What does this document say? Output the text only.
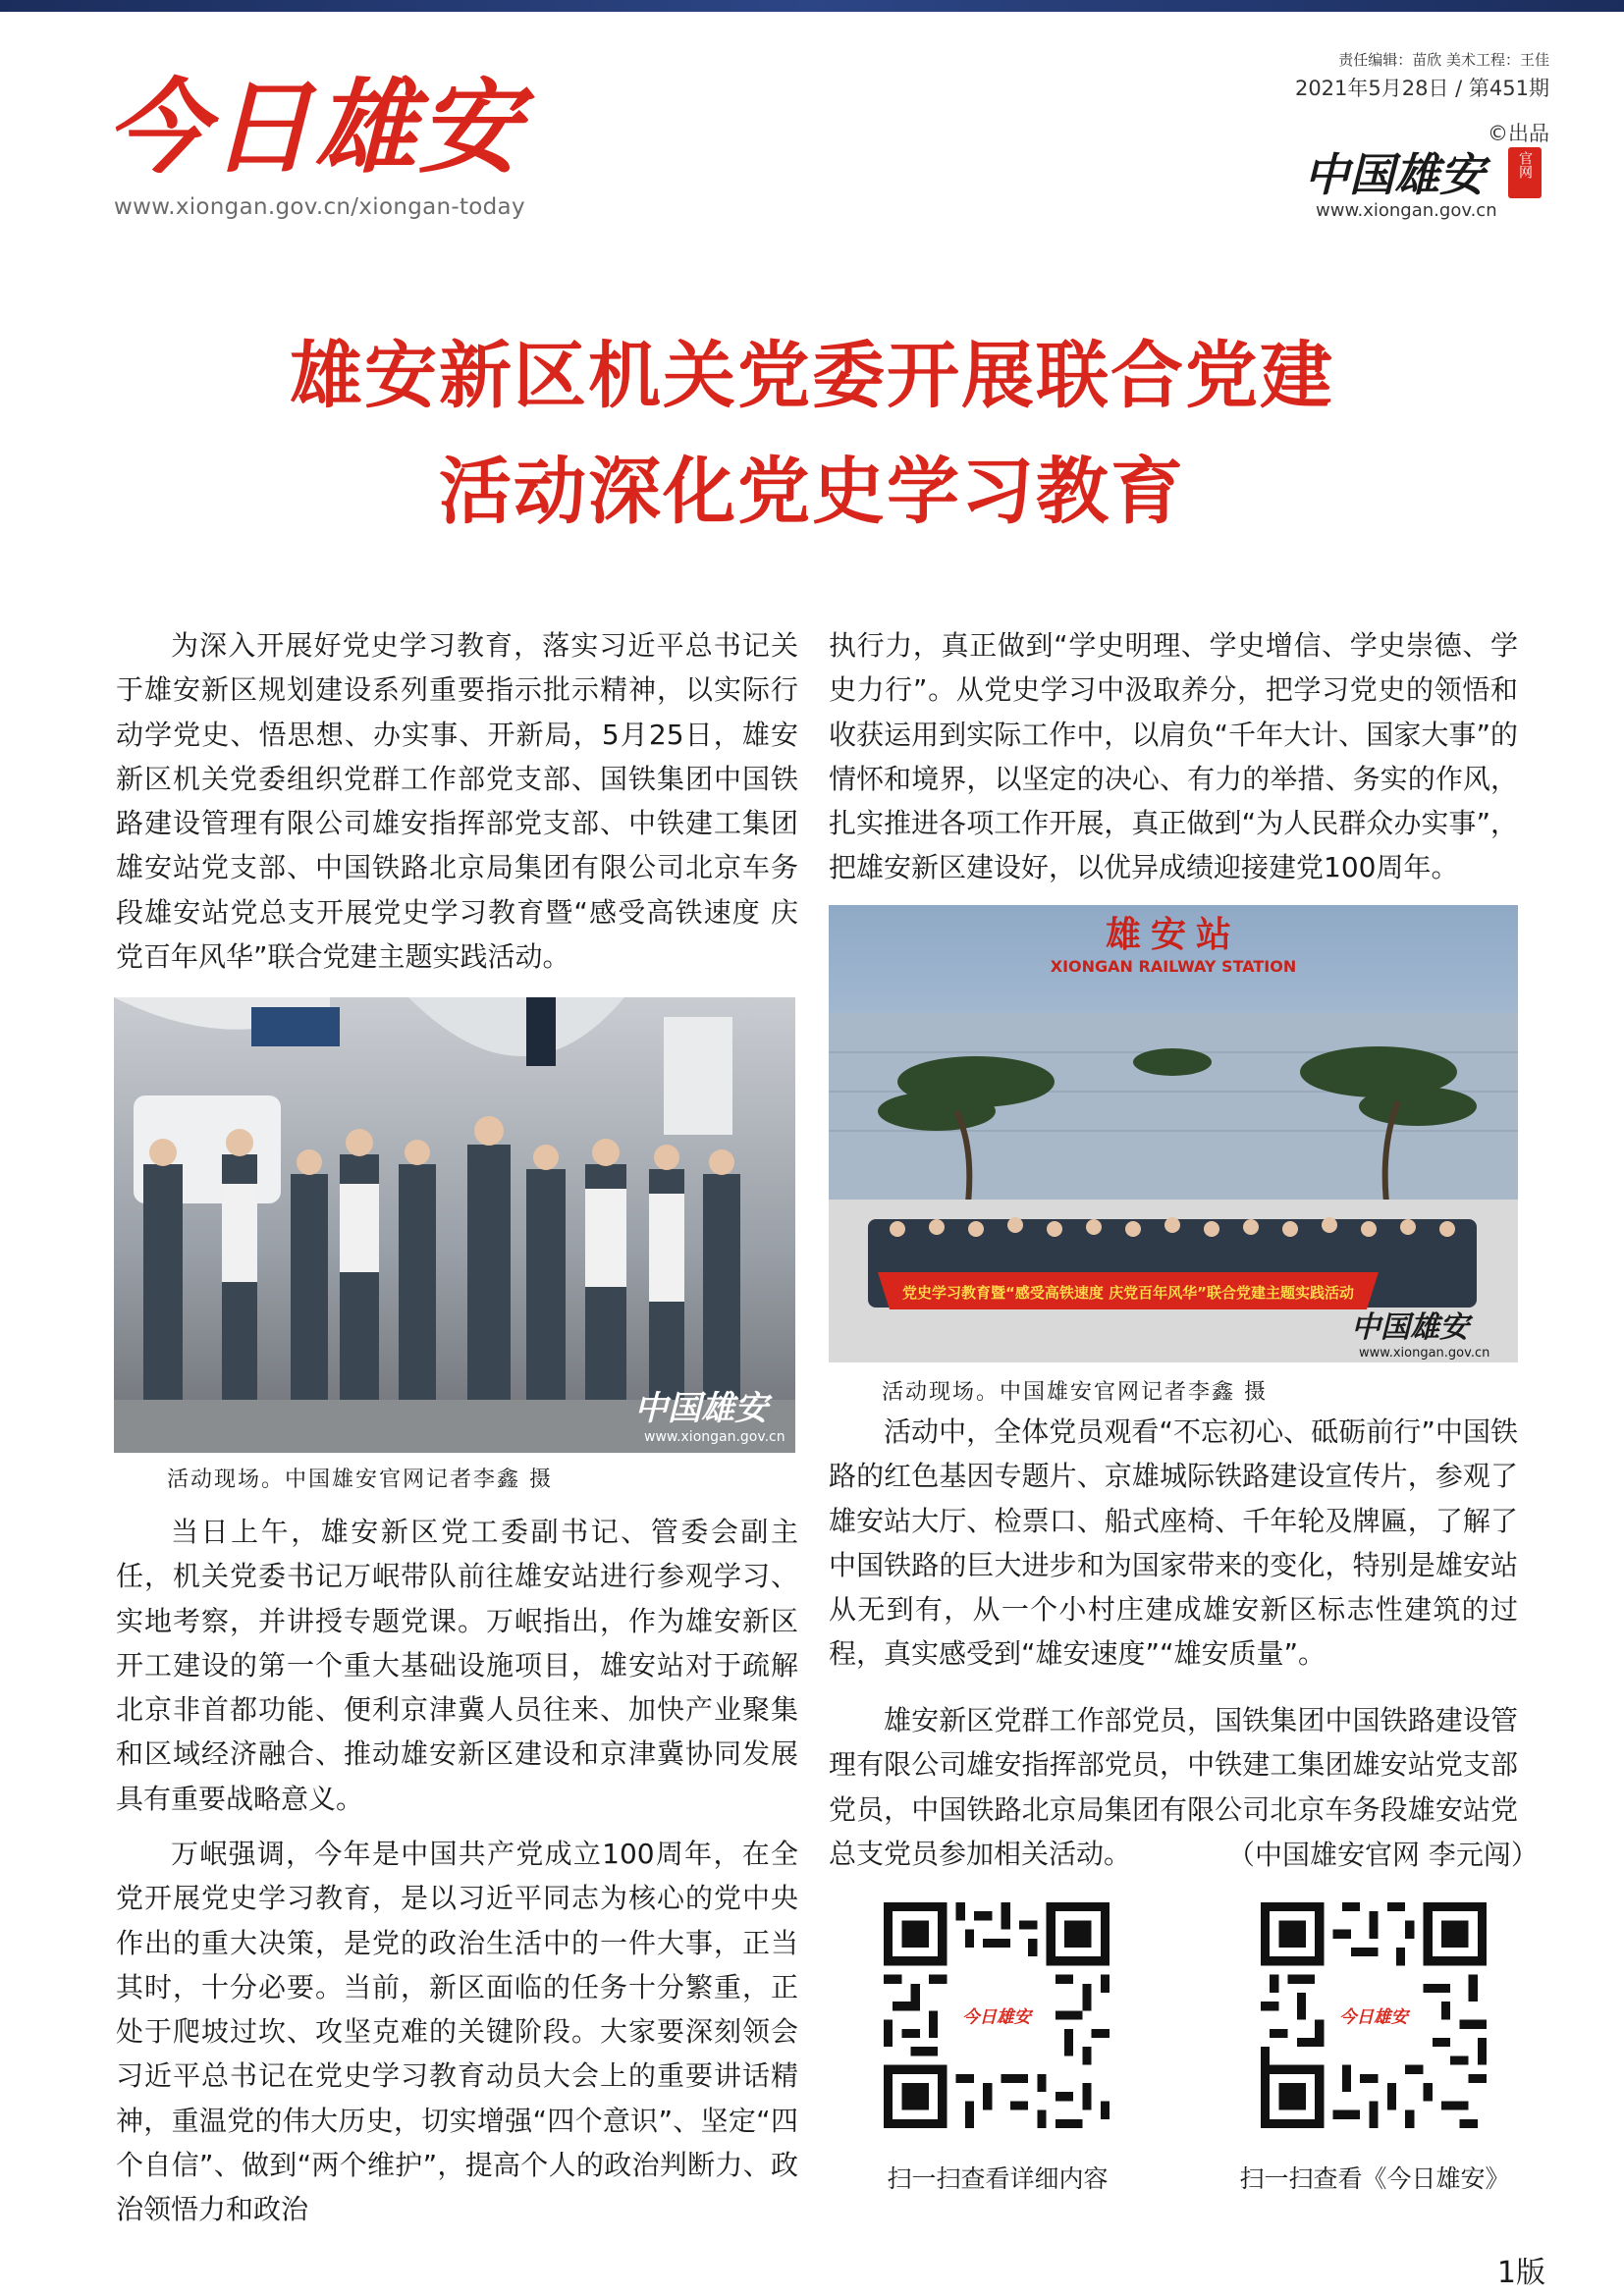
今日雄安
www.xiongan.gov.cn/xiongan-today
责任编辑：苗欣 美术工程：王佳
2021年5月28日 / 第451期
©出品
中国雄安	官网
www.xiongan.gov.cn
雄安新区机关党委开展联合党建
活动深化党史学习教育

为深入开展好党史学习教育，落实习近平总书记关于雄安新区规划建设系列重要指示批示精神，以实际行动学党史、悟思想、办实事、开新局，5月25日，雄安新区机关党委组织党群工作部党支部、国铁集团中国铁路建设管理有限公司雄安指挥部党支部、中铁建工集团雄安站党支部、中国铁路北京局集团有限公司北京车务段雄安站党总支开展党史学习教育暨“感受高铁速度 庆党百年风华”联合党建主题实践活动。

中国雄安
www.xiongan.gov.cn
活动现场。中国雄安官网记者李鑫 摄

当日上午，雄安新区党工委副书记、管委会副主任，机关党委书记万岷带队前往雄安站进行参观学习、实地考察，并讲授专题党课。万岷指出，作为雄安新区开工建设的第一个重大基础设施项目，雄安站对于疏解北京非首都功能、便利京津冀人员往来、加快产业聚集和区域经济融合、推动雄安新区建设和京津冀协同发展具有重要战略意义。

万岷强调，今年是中国共产党成立100周年，在全党开展党史学习教育，是以习近平同志为核心的党中央作出的重大决策，是党的政治生活中的一件大事，正当其时，十分必要。当前，新区面临的任务十分繁重，正处于爬坡过坎、攻坚克难的关键阶段。大家要深刻领会习近平总书记在党史学习教育动员大会上的重要讲话精神，重温党的伟大历史，切实增强“四个意识”、坚定“四个自信”、做到“两个维护”，提高个人的政治判断力、政治领悟力和政治

执行力，真正做到“学史明理、学史增信、学史崇德、学史力行”。从党史学习中汲取养分，把学习党史的领悟和收获运用到实际工作中，以肩负“千年大计、国家大事”的情怀和境界，以坚定的决心、有力的举措、务实的作风，扎实推进各项工作开展，真正做到“为人民群众办实事”，把雄安新区建设好，以优异成绩迎接建党100周年。

雄安站
XIONGAN RAILWAY STATION
党史学习教育暨“感受高铁速度 庆党百年风华”联合党建主题实践活动
中国雄安
www.xiongan.gov.cn
活动现场。中国雄安官网记者李鑫 摄

活动中，全体党员观看“不忘初心、砥砺前行”中国铁路的红色基因专题片、京雄城际铁路建设宣传片，参观了雄安站大厅、检票口、船式座椅、千年轮及牌匾，了解了中国铁路的巨大进步和为国家带来的变化，特别是雄安站从无到有，从一个小村庄建成雄安新区标志性建筑的过程，真实感受到“雄安速度”“雄安质量”。

雄安新区党群工作部党员，国铁集团中国铁路建设管理有限公司雄安指挥部党员，中铁建工集团雄安站党支部党员，中国铁路北京局集团有限公司北京车务段雄安站党总支党员参加相关活动。	（中国雄安官网 李元闯）
今日雄安
扫一扫查看详细内容
今日雄安
扫一扫查看《今日雄安》
1版
